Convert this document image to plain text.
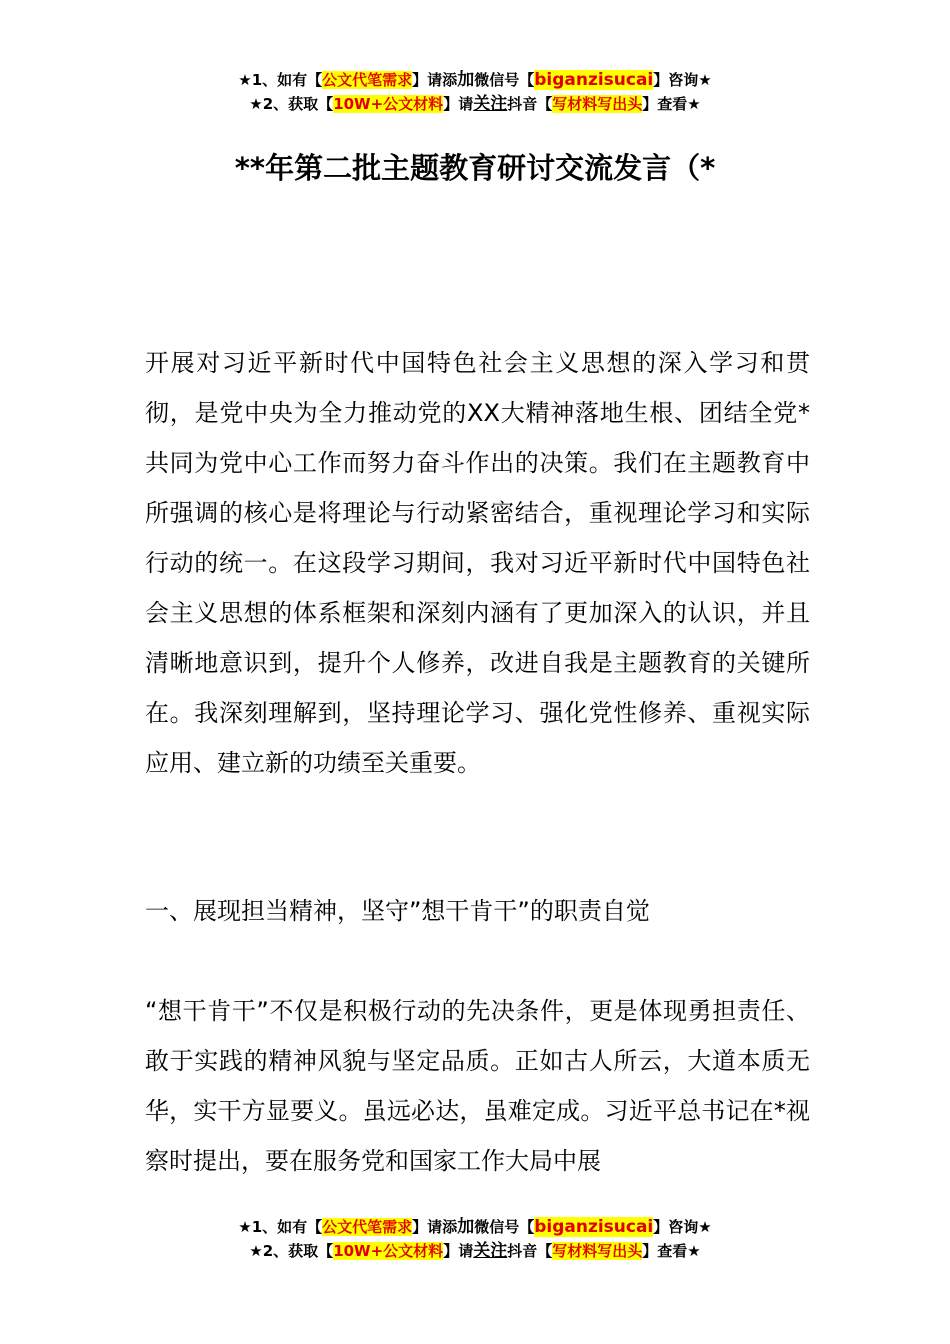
★1、如有【公文代笔需求】请添加微信号【biganzisucai】咨询★
★2、获取【10W+公文材料】请关注抖音【写材料写出头】查看★
**年第二批主题教育研讨交流发言（*

开展对习近平新时代中国特色社会主义思想的深入学习和贯彻，是党中央为全力推动党的XX大精神落地生根、团结全党*共同为党中心工作而努力奋斗作出的决策。我们在主题教育中所强调的核心是将理论与行动紧密结合，重视理论学习和实际行动的统一。在这段学习期间，我对习近平新时代中国特色社会主义思想的体系框架和深刻内涵有了更加深入的认识，并且清晰地意识到，提升个人修养，改进自我是主题教育的关键所在。我深刻理解到，坚持理论学习、强化党性修养、重视实际应用、建立新的功绩至关重要。

一、展现担当精神，坚守”想干肯干”的职责自觉

“想干肯干”不仅是积极行动的先决条件，更是体现勇担责任、敢于实践的精神风貌与坚定品质。正如古人所云，大道本质无华，实干方显要义。虽远必达，虽难定成。习近平总书记在*视察时提出，要在服务党和国家工作大局中展

★1、如有【公文代笔需求】请添加微信号【biganzisucai】咨询★
★2、获取【10W+公文材料】请关注抖音【写材料写出头】查看★
